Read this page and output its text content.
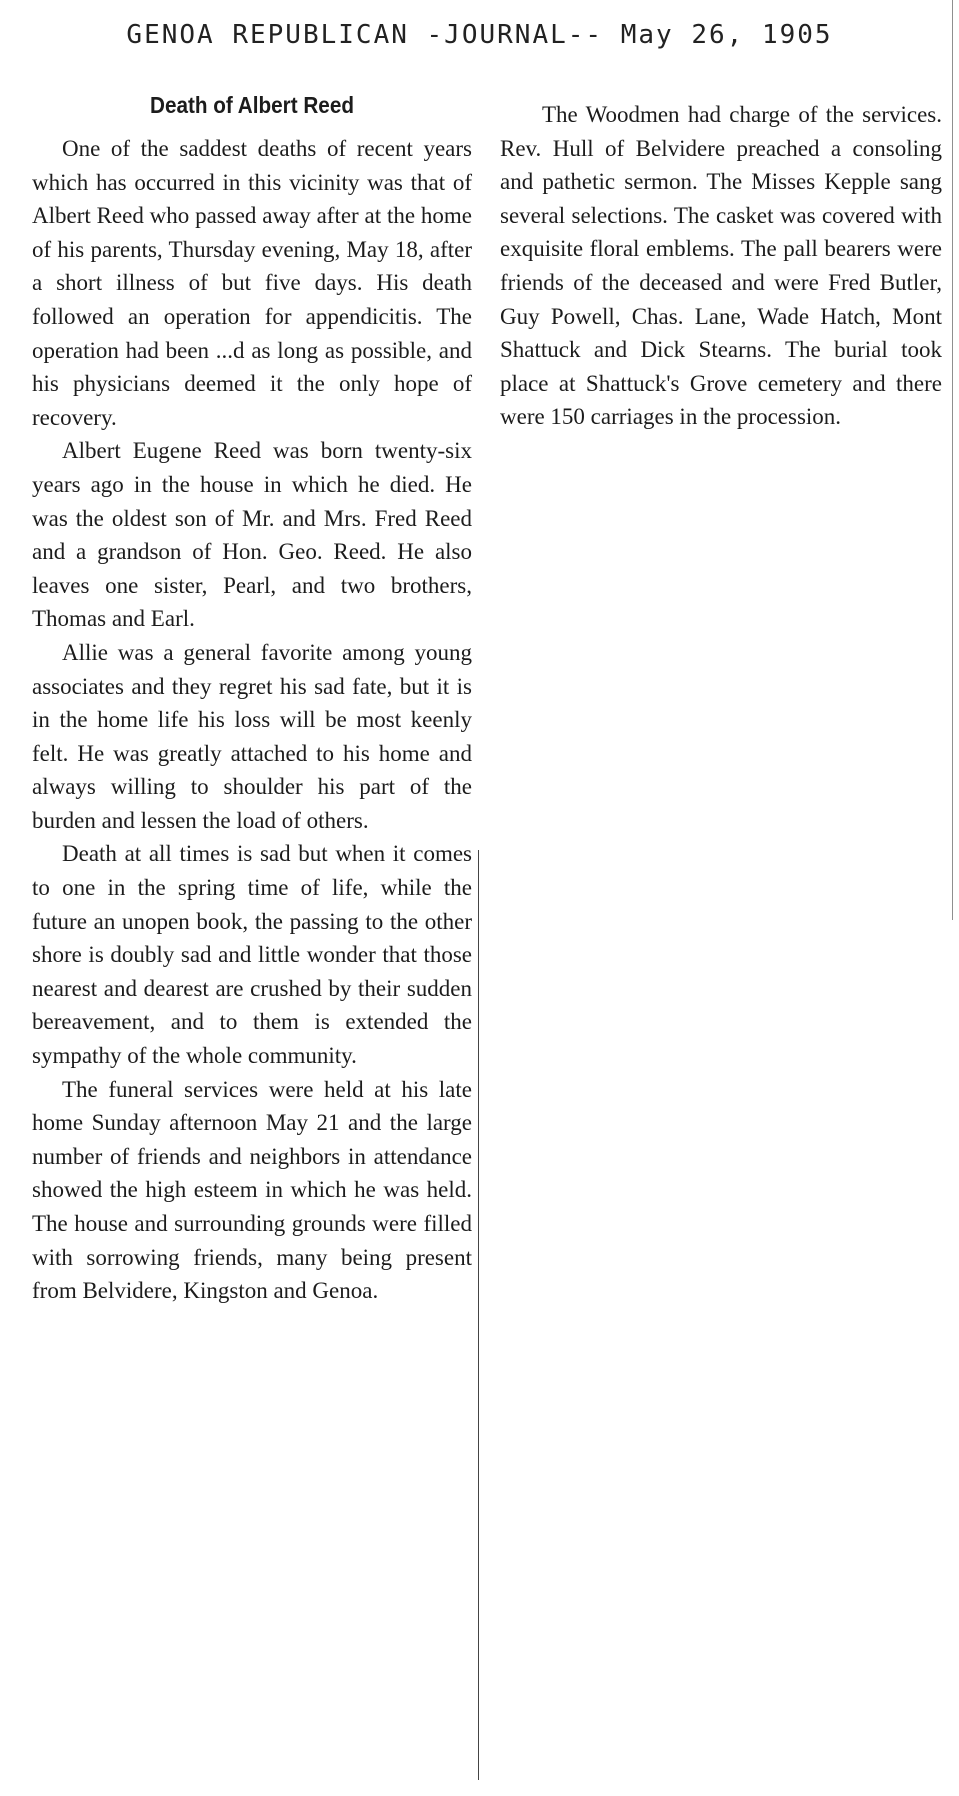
GENOA REPUBLICAN -JOURNAL-- May 26, 1905
Death of Albert Reed

One of the saddest deaths of recent years which has occurred in this vicinity was that of Albert Reed who passed away after at the home of his parents, Thursday evening, May 18, after a short illness of but five days. His death followed an operation for appendicitis. The operation had been ...d as long as possible, and his physicians deemed it the only hope of recovery.

Albert Eugene Reed was born twenty-six years ago in the house in which he died. He was the oldest son of Mr. and Mrs. Fred Reed and a grandson of Hon. Geo. Reed. He also leaves one sister, Pearl, and two brothers, Thomas and Earl.

Allie was a general favorite among young associates and they regret his sad fate, but it is in the home life his loss will be most keenly felt. He was greatly attached to his home and always willing to shoulder his part of the burden and lessen the load of others.

Death at all times is sad but when it comes to one in the spring time of life, while the future an unopen book, the passing to the other shore is doubly sad and little wonder that those nearest and dearest are crushed by their sudden bereavement, and to them is extended the sympathy of the whole community.

The funeral services were held at his late home Sunday afternoon May 21 and the large number of friends and neighbors in attendance showed the high esteem in which he was held. The house and surrounding grounds were filled with sorrowing friends, many being present from Belvidere, Kingston and Genoa.

The Woodmen had charge of the services. Rev. Hull of Belvidere preached a consoling and pathetic sermon. The Misses Kepple sang several selections. The casket was covered with exquisite floral emblems. The pall bearers were friends of the deceased and were Fred Butler, Guy Powell, Chas. Lane, Wade Hatch, Mont Shattuck and Dick Stearns. The burial took place at Shattuck's Grove cemetery and there were 150 carriages in the procession.
